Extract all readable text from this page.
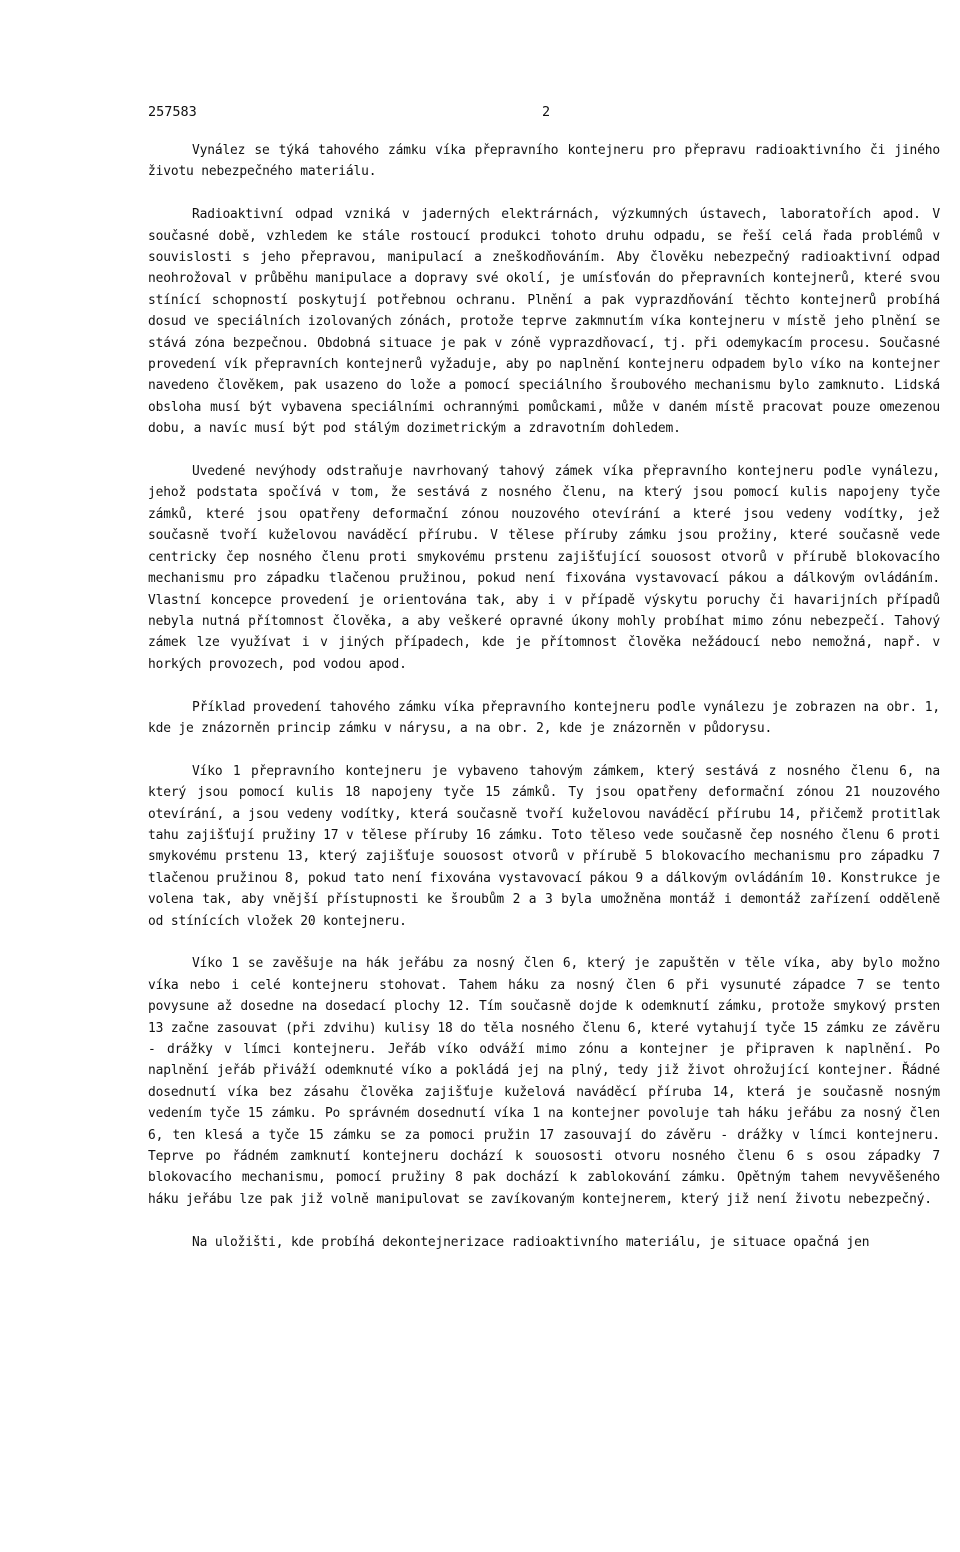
257583	2

Vynález se týká tahového zámku víka přepravního kontejneru pro přepravu radioaktivního či jiného životu nebezpečného materiálu.

Radioaktivní odpad vzniká v jaderných elektrárnách, výzkumných ústavech, laboratořích apod. V současné době, vzhledem ke stále rostoucí produkci tohoto druhu odpadu, se řeší celá řada problémů v souvislosti s jeho přepravou, manipulací a zneškodňováním. Aby člověku nebezpečný radioaktivní odpad neohrožoval v průběhu manipulace a dopravy své okolí, je umísťován do přepravních kontejnerů, které svou stínící schopností poskytují potřebnou ochranu. Plnění a pak vyprazdňování těchto kontejnerů probíhá dosud ve speciálních izolovaných zónách, protože teprve zakmnutím víka kontejneru v místě jeho plnění se stává zóna bezpečnou. Obdobná situace je pak v zóně vyprazdňovací, tj. při odemykacím procesu. Současné provedení vík přepravních kontejnerů vyžaduje, aby po naplnění kontejneru odpadem bylo víko na kontejner navedeno člověkem, pak usazeno do lože a pomocí speciálního šroubového mechanismu bylo zamknuto. Lidská obsloha musí být vybavena speciálními ochrannými pomůckami, může v daném místě pracovat pouze omezenou dobu, a navíc musí být pod stálým dozimetrickým a zdravotním dohledem.

Uvedené nevýhody odstraňuje navrhovaný tahový zámek víka přepravního kontejneru podle vynálezu, jehož podstata spočívá v tom, že sestává z nosného členu, na který jsou pomocí kulis napojeny tyče zámků, které jsou opatřeny deformační zónou nouzového otevírání a které jsou vedeny vodítky, jež současně tvoří kuželovou naváděcí přírubu. V tělese příruby zámku jsou prožiny, které současně vede centricky čep nosného členu proti smykovému prstenu zajišťující souosost otvorů v přírubě blokovacího mechanismu pro západku tlačenou pružinou, pokud není fixována vystavovací pákou a dálkovým ovládáním. Vlastní koncepce provedení je orientována tak, aby i v případě výskytu poruchy či havarijních případů nebyla nutná přítomnost člověka, a aby veškeré opravné úkony mohly probíhat mimo zónu nebezpečí. Tahový zámek lze využívat i v jiných případech, kde je přítomnost člověka nežádoucí nebo nemožná, např. v horkých provozech, pod vodou apod.

Příklad provedení tahového zámku víka přepravního kontejneru podle vynálezu je zobrazen na obr. 1, kde je znázorněn princip zámku v nárysu, a na obr. 2, kde je znázorněn v půdorysu.

Víko 1 přepravního kontejneru je vybaveno tahovým zámkem, který sestává z nosného členu 6, na který jsou pomocí kulis 18 napojeny tyče 15 zámků. Ty jsou opatřeny deformační zónou 21 nouzového otevírání, a jsou vedeny vodítky, která současně tvoří kuželovou naváděcí přírubu 14, přičemž protitlak tahu zajišťují pružiny 17 v tělese příruby 16 zámku. Toto těleso vede současně čep nosného členu 6 proti smykovému prstenu 13, který zajišťuje souosost otvorů v přírubě 5 blokovacího mechanismu pro západku 7 tlačenou pružinou 8, pokud tato není fixována vystavovací pákou 9 a dálkovým ovládáním 10. Konstrukce je volena tak, aby vnější přístupnosti ke šroubům 2 a 3 byla umožněna montáž i demontáž zařízení odděleně od stínících vložek 20 kontejneru.

Víko 1 se zavěšuje na hák jeřábu za nosný člen 6, který je zapuštěn v těle víka, aby bylo možno víka nebo i celé kontejneru stohovat. Tahem háku za nosný člen 6 při vysunuté západce 7 se tento povysune až dosedne na dosedací plochy 12. Tím současně dojde k odemknutí zámku, protože smykový prsten 13 začne zasouvat (při zdvihu) kulisy 18 do těla nosného členu 6, které vytahují tyče 15 zámku ze závěru - drážky v límci kontejneru. Jeřáb víko odváží mimo zónu a kontejner je připraven k naplnění. Po naplnění jeřáb přiváží odemknuté víko a pokládá jej na plný, tedy již život ohrožující kontejner. Řádné dosednutí víka bez zásahu člověka zajišťuje kuželová naváděcí příruba 14, která je současně nosným vedením tyče 15 zámku. Po správném dosednutí víka 1 na kontejner povoluje tah háku jeřábu za nosný člen 6, ten klesá a tyče 15 zámku se za pomoci pružin 17 zasouvají do závěru - drážky v límci kontejneru. Teprve po řádném zamknutí kontejneru dochází k souososti otvoru nosného členu 6 s osou západky 7 blokovacího mechanismu, pomocí pružiny 8 pak dochází k zablokování zámku. Opětným tahem nevyvěšeného háku jeřábu lze pak již volně manipulovat se zavíkovaným kontejnerem, který již není životu nebezpečný.

Na uložišti, kde probíhá dekontejnerizace radioaktivního materiálu, je situace opačná jen
